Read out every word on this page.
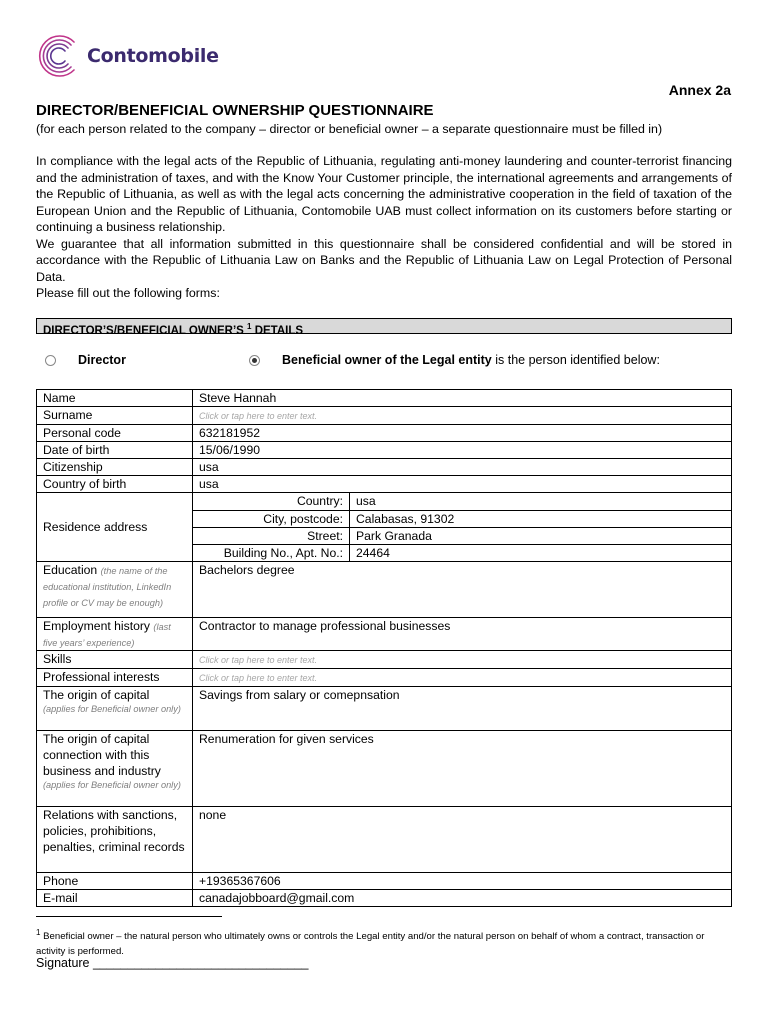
Contomobile
Annex 2a
DIRECTOR/BENEFICIAL OWNERSHIP QUESTIONNAIRE
(for each person related to the company – director or beneficial owner – a separate questionnaire must be filled in)

In compliance with the legal acts of the Republic of Lithuania, regulating anti-money laundering and counter-terrorist financing and the administration of taxes, and with the Know Your Customer principle, the international agreements and arrangements of the Republic of Lithuania, as well as with the legal acts concerning the administrative cooperation in the field of taxation of the European Union and the Republic of Lithuania, Contomobile UAB must collect information on its customers before starting or continuing a business relationship.

We guarantee that all information submitted in this questionnaire shall be considered confidential and will be stored in accordance with the Republic of Lithuania Law on Banks and the Republic of Lithuania Law on Legal Protection of Personal Data.

Please fill out the following forms:

DIRECTOR’S/BENEFICIAL OWNER’S $^1$ DETAILS
Director	Beneficial owner of the Legal entity is the person identified below:
Name	Steve Hannah
Surname	Click or tap here to enter text.
Personal code	632181952
Date of birth	15/06/1990
Citizenship	usa
Country of birth	usa
Residence address	
Country:	usa
City, postcode:	Calabasas, 91302
Street:	Park Granada
Building No., Apt. No.:	24464

Education (the name of the educational institution, LinkedIn profile or CV may be enough)	Bachelors degree
Employment history (last five years’ experience)	Contractor to manage professional businesses
Skills	Click or tap here to enter text.
Professional interests	Click or tap here to enter text.

The origin of capital
(applies for Beneficial owner only)
	Savings from salary or comepnsation

The origin of capital connection with this business and industry
(applies for Beneficial owner only)
	Renumeration for given services
Relations with sanctions, policies, prohibitions, penalties, criminal records	none
Phone	+19365367606
E-mail	canadajobboard@gmail.com
$^1$ Beneficial owner – the natural person who ultimately owns or controls the Legal entity and/or the natural person on behalf of whom a contract, transaction or activity is performed.
Signature _______________________________
